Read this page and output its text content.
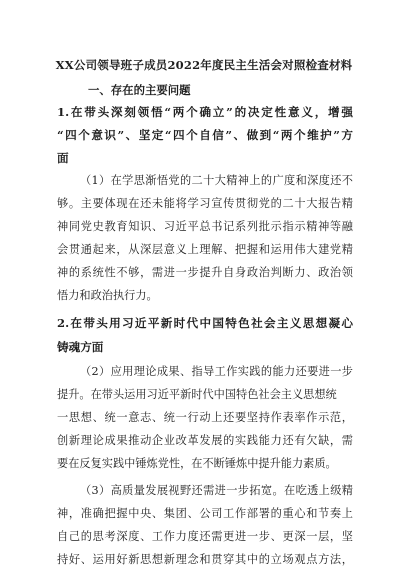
XX公司领导班子成员2022年度民主生活会对照检查材料
一、存在的主要问题
1.在带头深刻领悟“两个确立”的决定性意义，增强
“四个意识”、坚定“四个自信”、做到“两个维护”方
面
（1）在学思渐悟党的二十大精神上的广度和深度还不
够。主要体现在还未能将学习宣传贯彻党的二十大报告精
神同党史教育知识、习近平总书记系列批示指示精神等融
会贯通起来，从深层意义上理解、把握和运用伟大建党精
神的系统性不够，需进一步提升自身政治判断力、政治领
悟力和政治执行力。
2.在带头用习近平新时代中国特色社会主义思想凝心
铸魂方面
（2）应用理论成果、指导工作实践的能力还要进一步
提升。在带头运用习近平新时代中国特色社会主义思想统
一思想、统一意志、统一行动上还要坚持作表率作示范，
创新理论成果推动企业改革发展的实践能力还有欠缺，需
要在反复实践中锤炼党性，在不断锤炼中提升能力素质。
（3）高质量发展视野还需进一步拓宽。在吃透上级精
神，准确把握中央、集团、公司工作部署的重心和节奏上
自己的思考深度、工作力度还需更进一步、更深一层，坚
持好、运用好新思想新理念和贯穿其中的立场观点方法，
